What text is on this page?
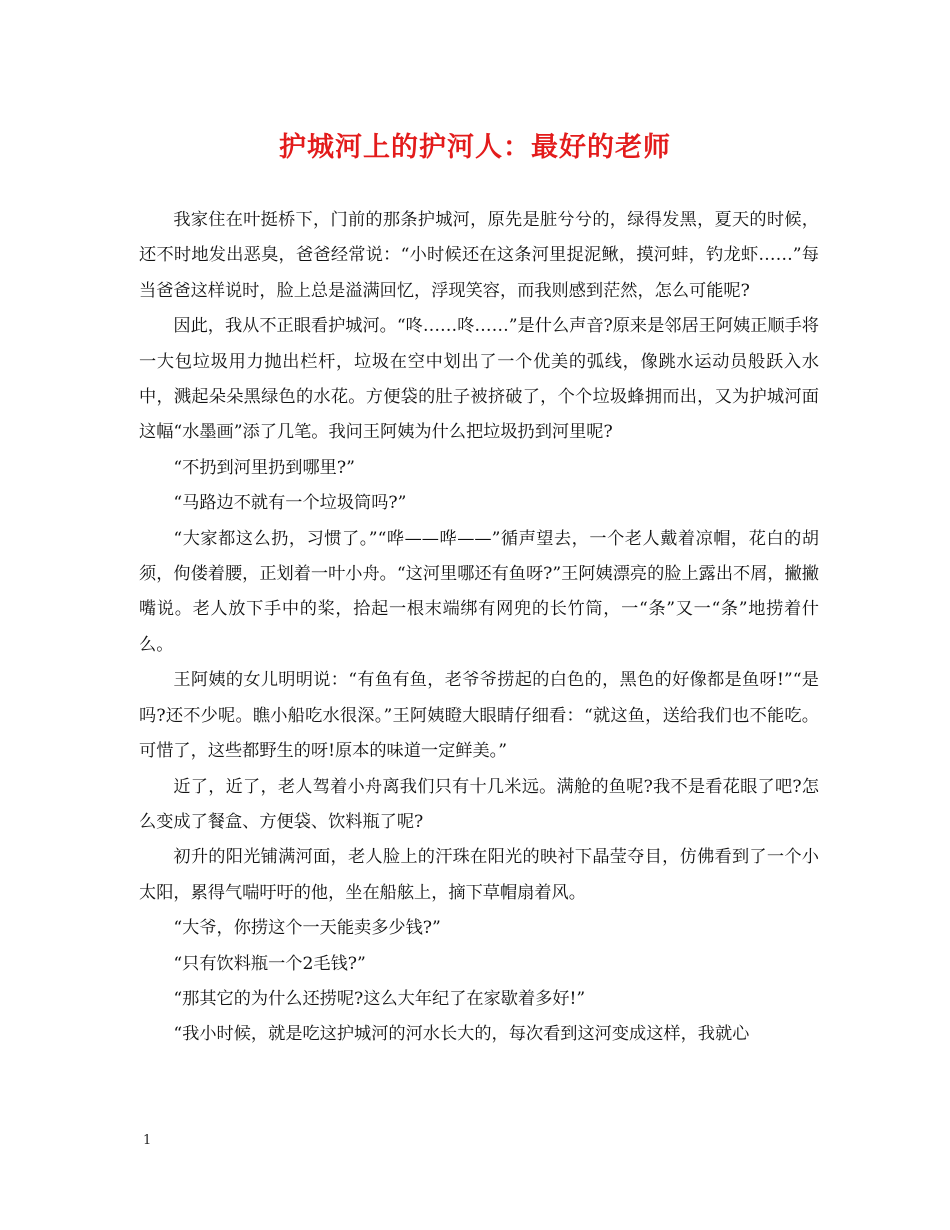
护城河上的护河人：最好的老师

我家住在叶挺桥下，门前的那条护城河，原先是脏兮兮的，绿得发黑，夏天的时候，还不时地发出恶臭，爸爸经常说：“小时候还在这条河里捉泥鳅，摸河蚌，钓龙虾……”每当爸爸这样说时，脸上总是溢满回忆，浮现笑容，而我则感到茫然，怎么可能呢?

因此，我从不正眼看护城河。“咚……咚……”是什么声音?原来是邻居王阿姨正顺手将一大包垃圾用力抛出栏杆，垃圾在空中划出了一个优美的弧线，像跳水运动员般跃入水中，溅起朵朵黑绿色的水花。方便袋的肚子被挤破了，个个垃圾蜂拥而出，又为护城河面这幅“水墨画”添了几笔。我问王阿姨为什么把垃圾扔到河里呢?

“不扔到河里扔到哪里?”

“马路边不就有一个垃圾筒吗?”

“大家都这么扔，习惯了。”“哗——哗——”循声望去，一个老人戴着凉帽，花白的胡须，佝偻着腰，正划着一叶小舟。“这河里哪还有鱼呀?”王阿姨漂亮的脸上露出不屑，撇撇嘴说。老人放下手中的桨，拾起一根末端绑有网兜的长竹筒，一“条”又一“条”地捞着什么。

王阿姨的女儿明明说：“有鱼有鱼，老爷爷捞起的白色的，黑色的好像都是鱼呀!”“是吗?还不少呢。瞧小船吃水很深。”王阿姨瞪大眼睛仔细看：“就这鱼，送给我们也不能吃。可惜了，这些都野生的呀!原本的味道一定鲜美。”

近了，近了，老人驾着小舟离我们只有十几米远。满舱的鱼呢?我不是看花眼了吧?怎么变成了餐盒、方便袋、饮料瓶了呢?

初升的阳光铺满河面，老人脸上的汗珠在阳光的映衬下晶莹夺目，仿佛看到了一个小太阳，累得气喘吁吁的他，坐在船舷上，摘下草帽扇着风。

“大爷，你捞这个一天能卖多少钱?”

“只有饮料瓶一个2毛钱?”

“那其它的为什么还捞呢?这么大年纪了在家歇着多好!”

“我小时候，就是吃这护城河的河水长大的，每次看到这河变成这样，我就心

1
